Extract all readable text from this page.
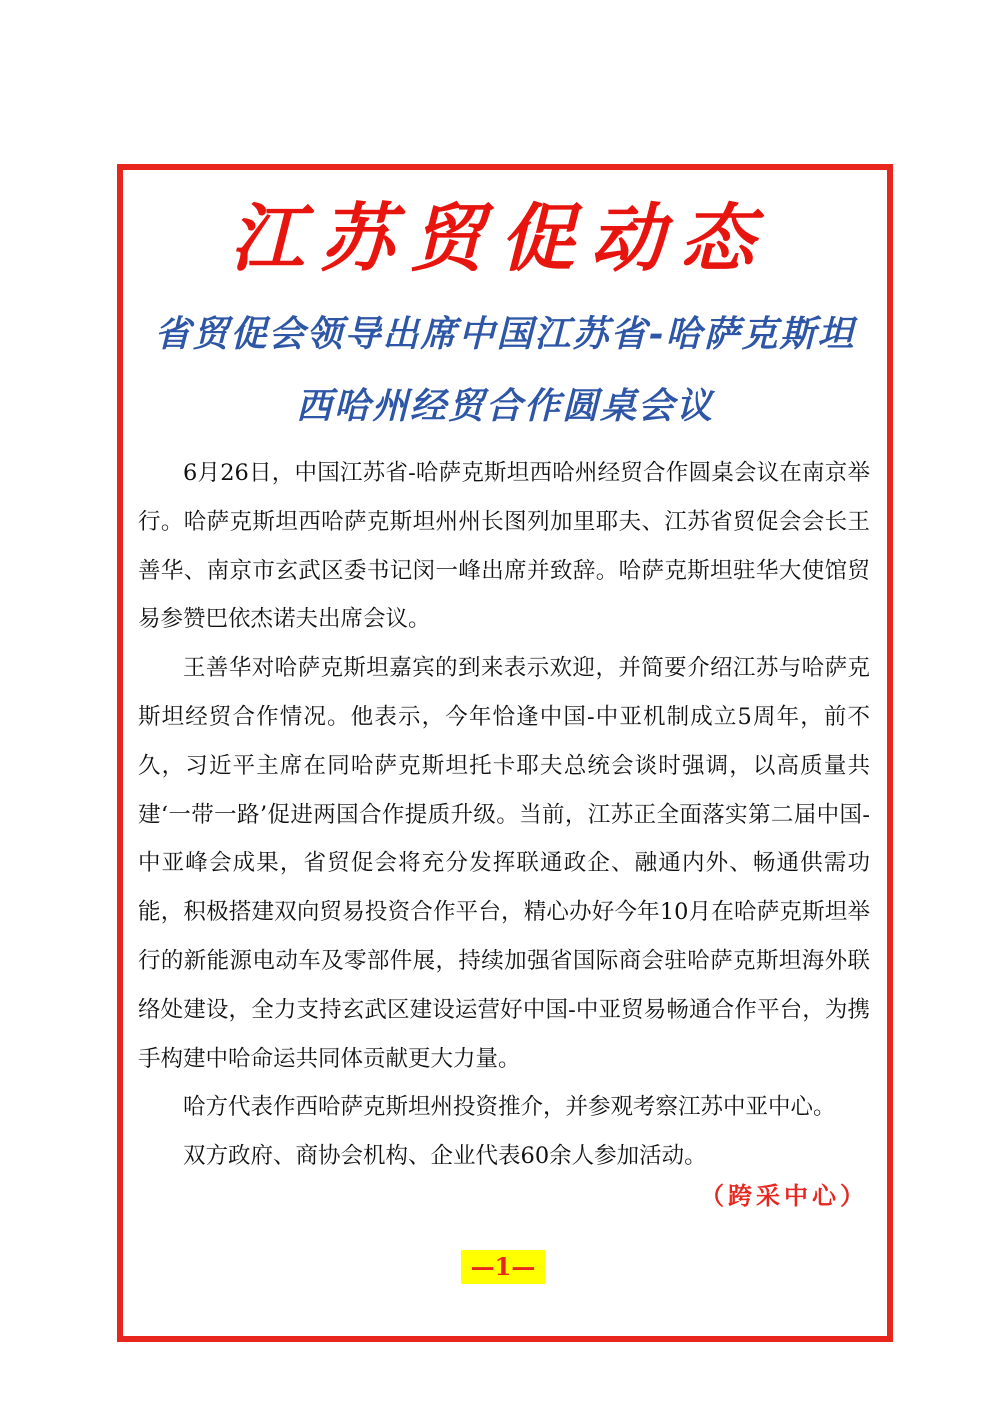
江苏贸促动态
省贸促会领导出席中国江苏省-哈萨克斯坦
西哈州经贸合作圆桌会议

6月26日，中国江苏省-哈萨克斯坦西哈州经贸合作圆桌会议在南京举行。哈萨克斯坦西哈萨克斯坦州州长图列加里耶夫、江苏省贸促会会长王善华、南京市玄武区委书记闵一峰出席并致辞。哈萨克斯坦驻华大使馆贸易参赞巴依杰诺夫出席会议。

王善华对哈萨克斯坦嘉宾的到来表示欢迎，并简要介绍江苏与哈萨克斯坦经贸合作情况。他表示，今年恰逢中国-中亚机制成立5周年，前不久，习近平主席在同哈萨克斯坦托卡耶夫总统会谈时强调，以高质量共建‘一带一路’促进两国合作提质升级。当前，江苏正全面落实第二届中国-中亚峰会成果，省贸促会将充分发挥联通政企、融通内外、畅通供需功能，积极搭建双向贸易投资合作平台，精心办好今年10月在哈萨克斯坦举行的新能源电动车及零部件展，持续加强省国际商会驻哈萨克斯坦海外联络处建设，全力支持玄武区建设运营好中国-中亚贸易畅通合作平台，为携手构建中哈命运共同体贡献更大力量。

哈方代表作西哈萨克斯坦州投资推介，并参观考察江苏中亚中心。

双方政府、商协会机构、企业代表60余人参加活动。

（跨采中心）
—1—
